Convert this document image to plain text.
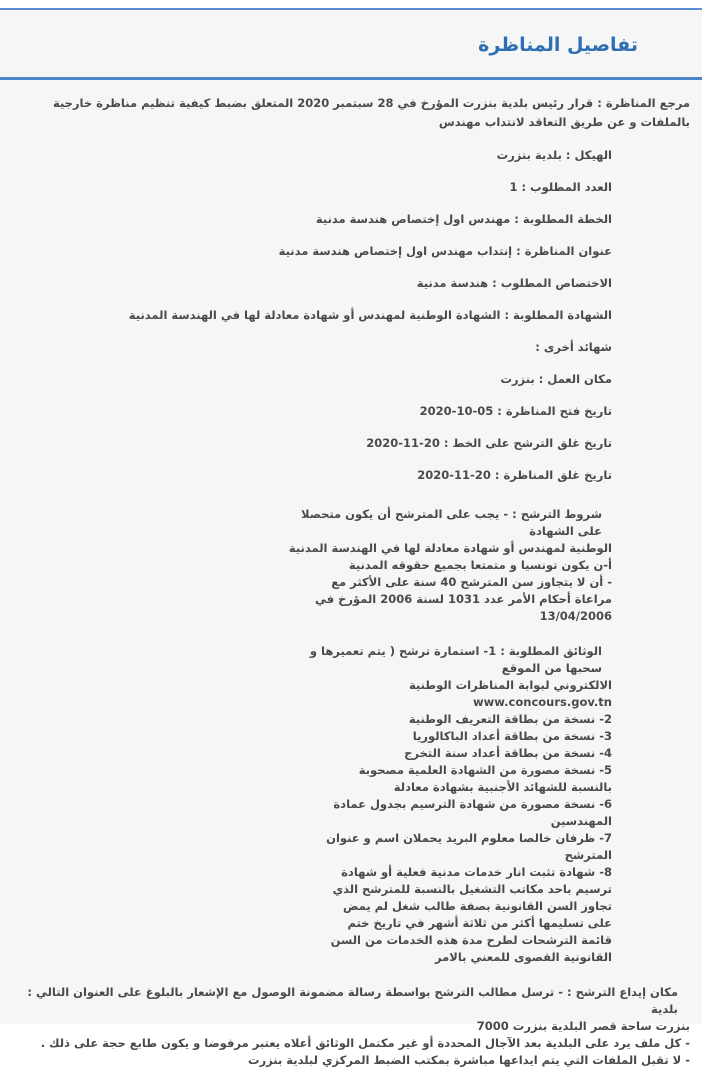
تفاصيل المناظرة
مرجع المناظرة : قرار رئيس بلدية بنزرت المؤرخ في 28 سبتمبر 2020 المتعلق بضبط كيفية تنظيم مناظرة خارجية بالملفات و عن طريق التعاقد لانتداب مهندس
الهيكل : بلدية بنزرت
العدد المطلوب : 1
الخطة المطلوبة : مهندس اول إختصاص هندسة مدنية
عنوان المناظرة : إنتداب مهندس اول إختصاص هندسة مدنية
الاختصاص المطلوب : هندسة مدنية
الشهادة المطلوبة : الشهادة الوطنية لمهندس أو شهادة معادلة لها في الهندسة المدنية
شهائد أخرى :
مكان العمل : بنزرت
تاريخ فتح المناظرة : 05-10-2020
تاريخ غلق الترشح على الخط : 20-11-2020
تاريخ غلق المناظرة : 20-11-2020
شروط الترشح : - يجب على المترشح أن يكون متحصلا على الشهادة
الوطنية لمهندس أو شهادة معادلة لها في الهندسة المدنية
أ-ن يكون تونسيا و متمتعا بجميع حقوقه المدنية
- أن لا يتجاوز سن المترشح 40 سنة على الأكثر مع
مراعاة أحكام الأمر عدد 1031 لسنة 2006 المؤرخ في
13/04/2006
الوثائق المطلوبة : 1- استمارة ترشح ( يتم تعميرها و سحبها من الموقع
الالكتروني لبوابة المناظرات الوطنية
www.concours.gov.tn
2- نسخة من بطاقة التعريف الوطنية
3- نسخة من بطاقة أعداد الباكالوريا
4- نسخة من بطاقة أعداد سنة التخرج
5- نسخة مصورة من الشهادة العلمية مصحوبة
بالنسبة للشهائد الأجنبية بشهادة معادلة
6- نسخة مصورة من شهادة الترسيم بجدول عمادة
المهندسين
7- ظرفان خالصا معلوم البريد يحملان اسم و عنوان
المترشح
8- شهادة تثبت انار خدمات مدنية فعلية أو شهادة
ترسيم باحد مكاتب التشغيل بالنسبة للمترشح الذي
تجاوز السن القانونية بصفة طالب شغل لم يمض
على تسليمها أكثر من ثلاثة أشهر في تاريخ ختم
قائمة الترشحات لطرح مدة هذه الخدمات من السن
القانونية القصوى للمعني بالامر
مكان إيداع الترشح : - ترسل مطالب الترشح بواسطة رسالة مضمونة الوصول مع الإشعار بالبلوغ على العنوان التالي : بلدية
بنزرت ساحة قصر البلدية بنزرت 7000
- كل ملف يرد على البلدية بعد الآجال المحددة أو غير مكتمل الوثائق أعلاه يعتبر مرفوضا و يكون طابع حجة على ذلك .
- لا تقبل الملفات التي يتم ايداعها مباشرة بمكتب الضبط المركزي لبلدية بنزرت
